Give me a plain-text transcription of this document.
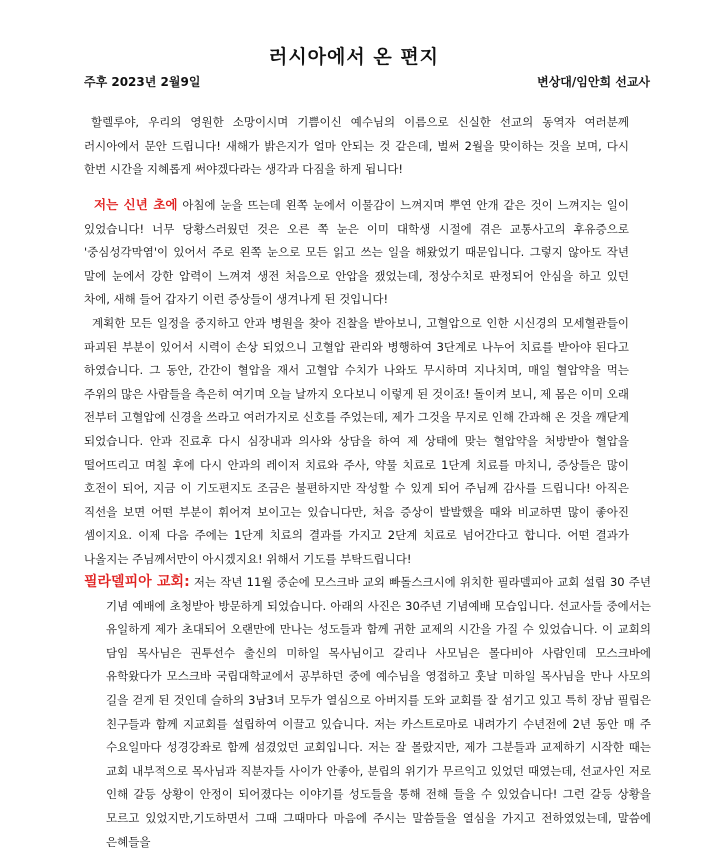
러시아에서 온 편지
주후 2023년 2월9일	변상대/임안희 선교사
할렐루야, 우리의 영원한 소망이시며 기쁨이신 예수님의 이름으로 신실한 선교의 동역자 여러분께 러시아에서 문안 드립니다! 새해가 밝은지가 얼마 안되는 것 같은데, 벌써 2월을 맞이하는 것을 보며, 다시 한번 시간을 지혜롭게 써야겠다라는 생각과 다짐을 하게 됩니다!
저는 신년 초에 아침에 눈을 뜨는데 왼쪽 눈에서 이물감이 느껴지며 뿌연 안개 같은 것이 느껴지는 일이 있었습니다! 너무 당황스러웠던 것은 오른 쪽 눈은 이미 대학생 시절에 겪은 교통사고의 후유증으로 '중심성각막염'이 있어서 주로 왼쪽 눈으로 모든 읽고 쓰는 일을 해왔었기 때문입니다. 그렇지 않아도 작년 말에 눈에서 강한 압력이 느껴져 생전 처음으로 안압을 쟀었는데, 정상수치로 판정되어 안심을 하고 있던 차에, 새해 들어 갑자기 이런 증상들이 생겨나게 된 것입니다!
계획한 모든 일정을 중지하고 안과 병원을 찾아 진찰을 받아보니, 고혈압으로 인한 시신경의 모세혈관들이 파괴된 부분이 있어서 시력이 손상 되었으니 고혈압 관리와 병행하여 3단계로 나누어 치료를 받아야 된다고 하였습니다. 그 동안, 간간이 혈압을 재서 고혈압 수치가 나와도 무시하며 지나치며, 매일 혈압약을 먹는 주위의 많은 사람들을 측은히 여기며 오늘 날까지 오다보니 이렇게 된 것이죠! 돌이켜 보니, 제 몸은 이미 오래 전부터 고혈압에 신경을 쓰라고 여러가지로 신호를 주었는데, 제가 그것을 무지로 인해 간과해 온 것을 깨닫게 되었습니다. 안과 진료후 다시 심장내과 의사와 상담을 하여 제 상태에 맞는 혈압약을 처방받아 혈압을 떨어뜨리고 며칠 후에 다시 안과의 레이저 치료와 주사, 약물 치료로 1단계 치료를 마치니, 증상들은 많이 호전이 되어, 지금 이 기도편지도 조금은 불편하지만 작성할 수 있게 되어 주님께 감사를 드립니다! 아직은 직선을 보면 어떤 부분이 휘어져 보이고는 있습니다만, 처음 증상이 발발했을 때와 비교하면 많이 좋아진 셈이지요. 이제 다음 주에는 1단계 치료의 결과를 가지고 2단계 치료로 넘어간다고 합니다. 어떤 결과가 나올지는 주님께서만이 아시겠지요! 위해서 기도를 부탁드립니다!
필라델피아 교회: 저는 작년 11월 중순에 모스크바 교외 빠돌스크시에 위치한 필라델피아 교회 설립 30 주년 기념 예배에 초청받아 방문하게 되었습니다. 아래의 사진은 30주년 기념예배 모습입니다. 선교사들 중에서는 유일하게 제가 초대되어 오랜만에 만나는 성도들과 함께 귀한 교제의 시간을 가질 수 있었습니다. 이 교회의 담임 목사님은 권투선수 출신의 미하일 목사님이고 갈리나 사모님은 몰다비아 사람인데 모스크바에 유학왔다가 모스크바 국립대학교에서 공부하던 중에 예수님을 영접하고 훗날 미하일 목사님을 만나 사모의 길을 걷게 된 것인데 슬하의 3남3녀 모두가 열심으로 아버지를 도와 교회를 잘 섬기고 있고 특히 장남 필립은 친구들과 함께 지교회를 설립하여 이끌고 있습니다. 저는 카스트로마로 내려가기 수년전에 2년 동안 매 주 수요일마다 성경강좌로 함께 섬겼었던 교회입니다. 저는 잘 몰랐지만, 제가 그분들과 교제하기 시작한 때는 교회 내부적으로 목사님과 직분자들 사이가 안좋아, 분립의 위기가 무르익고 있었던 때였는데, 선교사인 저로 인해 갈등 상황이 안정이 되어졌다는 이야기를 성도들을 통해 전해 들을 수 있었습니다! 그런 갈등 상황을 모르고 있었지만,기도하면서 그때 그때마다 마음에 주시는 말씀들을 열심을 가지고 전하였었는데, 말씀에 은혜들을
